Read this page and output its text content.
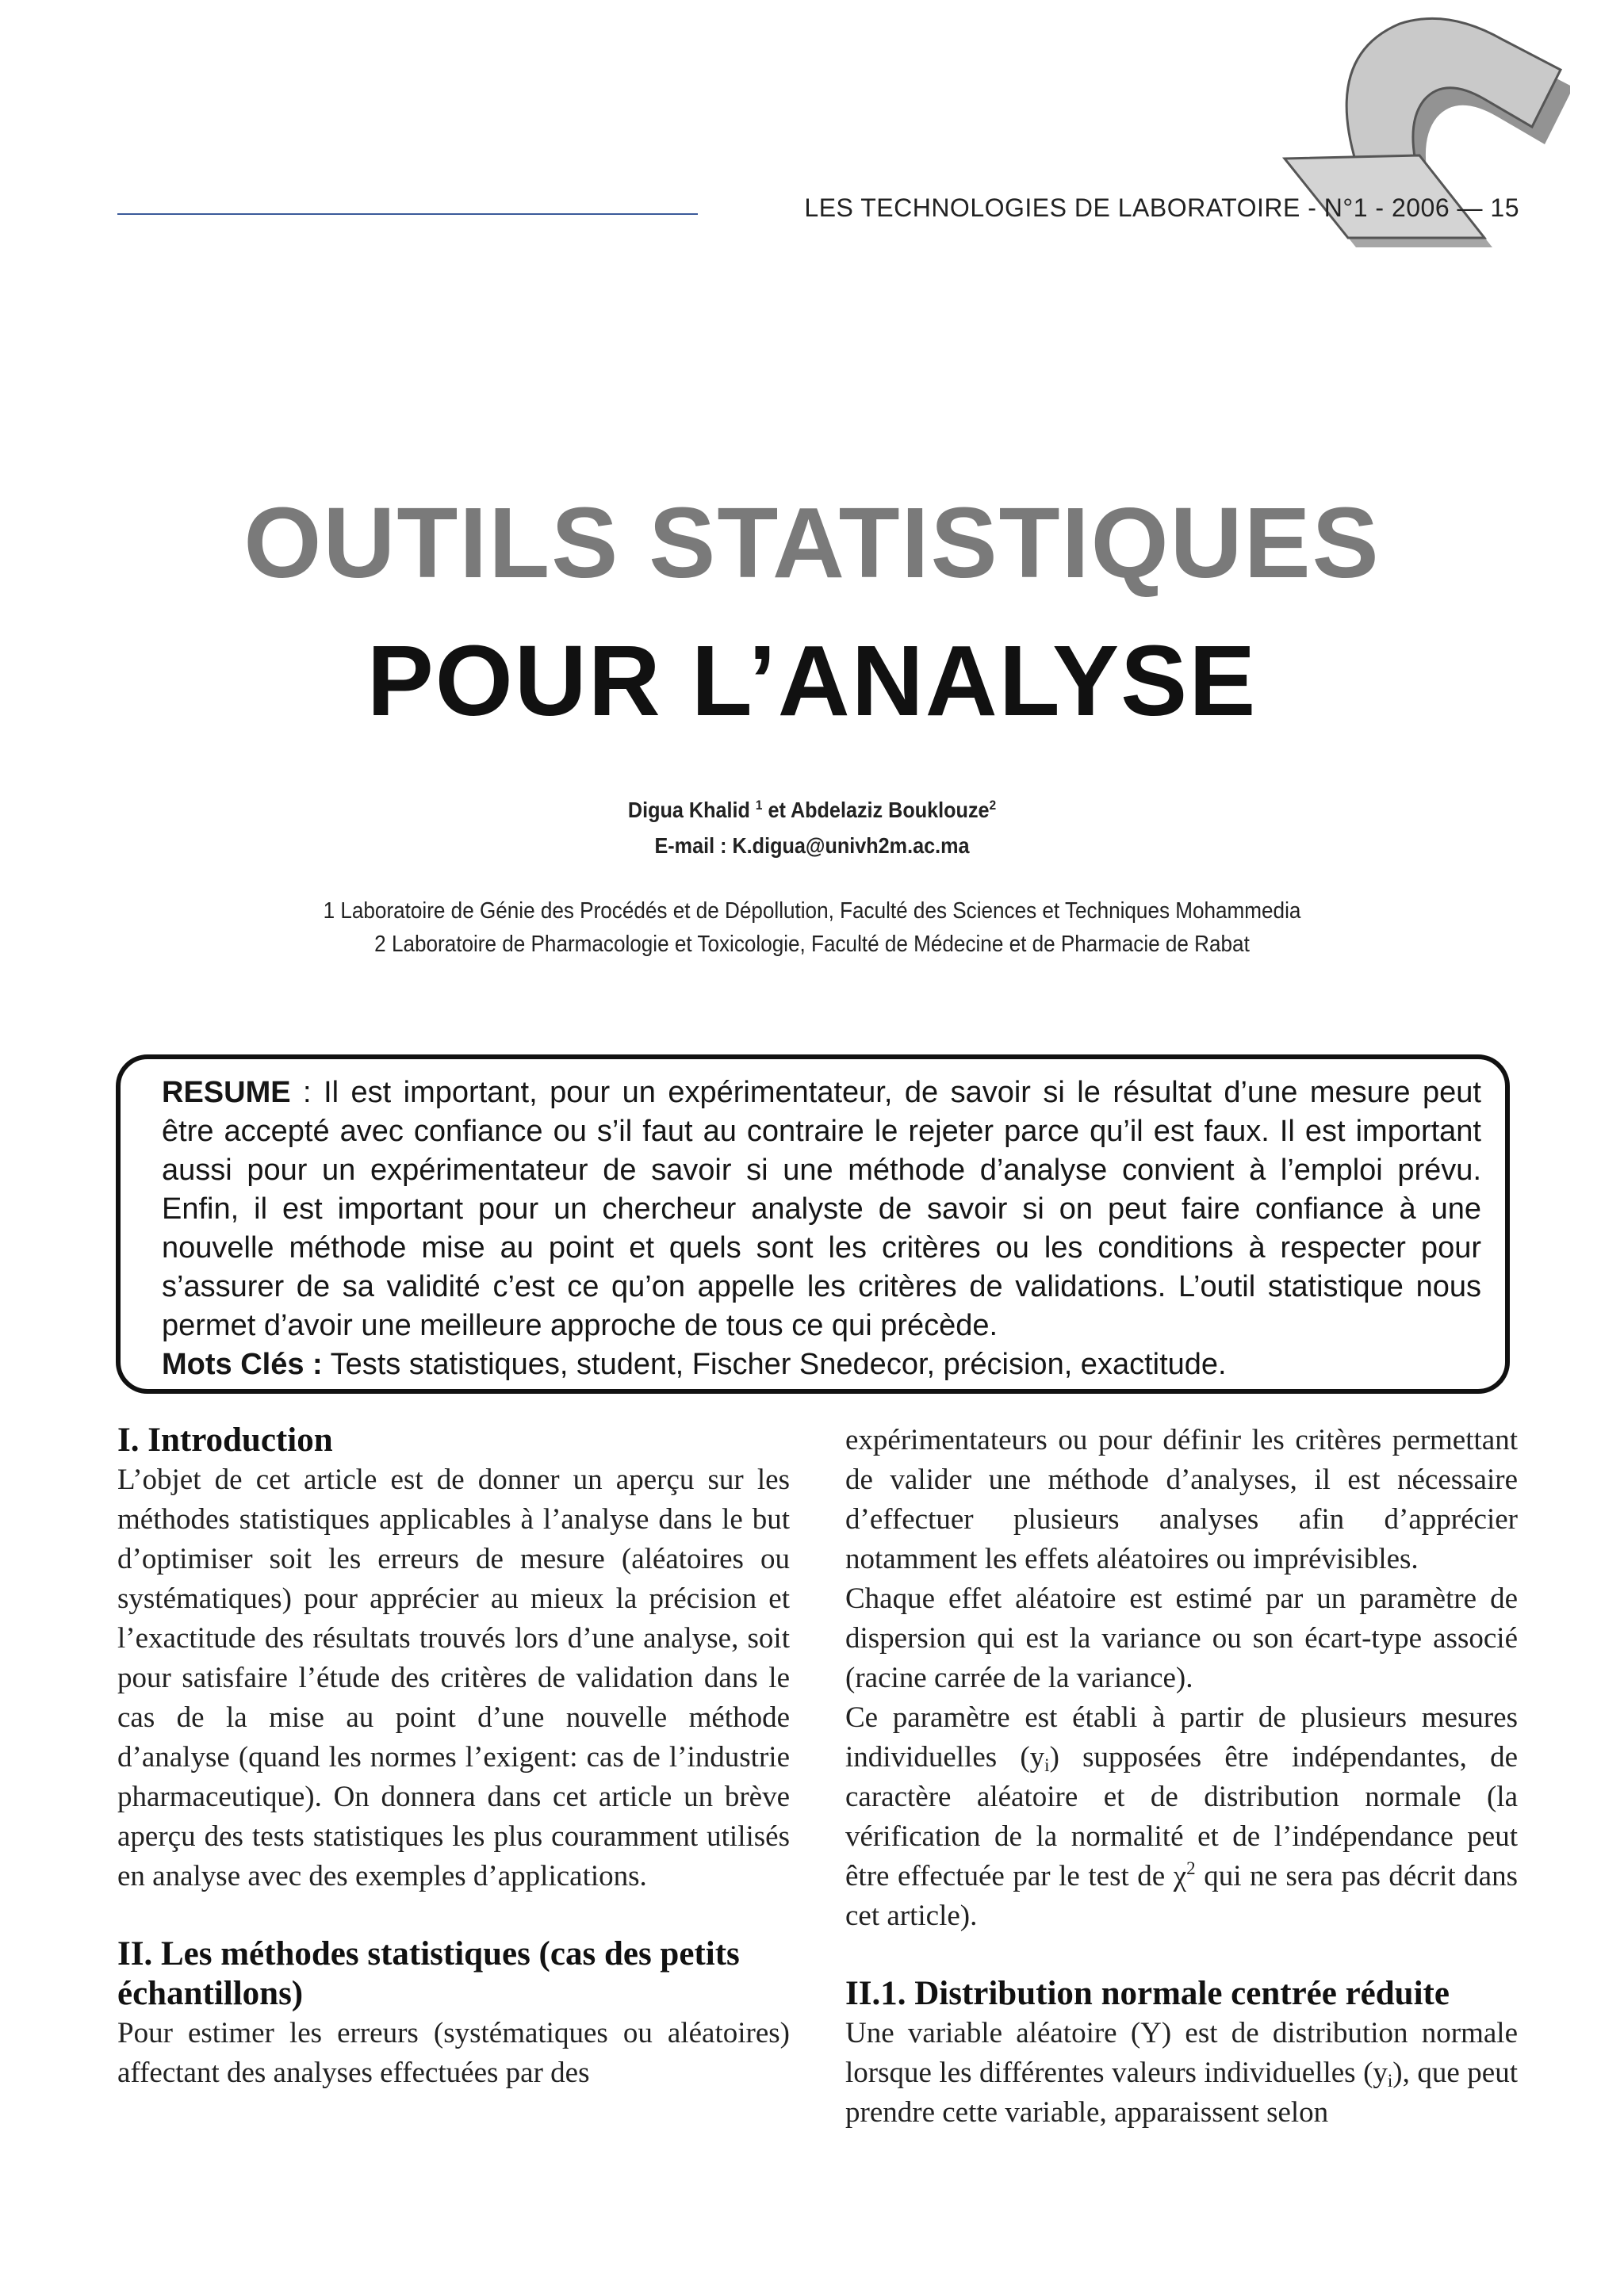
LES TECHNOLOGIES DE LABORATOIRE - N°1 - 2006 — 15
OUTILS STATISTIQUES
POUR L’ANALYSE
Digua Khalid $^1$ et Abdelaziz Bouklouze$^2$
E-mail : K.digua@univh2m.ac.ma
1 Laboratoire de Génie des Procédés et de Dépollution, Faculté des Sciences et Techniques Mohammedia
2 Laboratoire de Pharmacologie et Toxicologie, Faculté de Médecine et de Pharmacie de Rabat
RESUME : Il est important, pour un expérimentateur, de savoir si le résultat d’une mesure peut être accepté avec confiance ou s’il faut au contraire le rejeter parce qu’il est faux. Il est important aussi pour un expérimentateur de savoir si une méthode d’analyse convient à l’emploi prévu. Enfin, il est important pour un chercheur analyste de savoir si on peut faire confiance à une nouvelle méthode mise au point et quels sont les critères ou les conditions à respecter pour s’assurer de sa validité c’est ce qu’on appelle les critères de validations. L’outil statistique nous permet d’avoir une meilleure approche de tous ce qui précède.
Mots Clés : Tests statistiques, student, Fischer Snedecor, précision, exactitude.
I. Introduction

L’objet de cet article est de donner un aperçu sur les méthodes statistiques applicables à l’analyse dans le but d’optimiser soit les erreurs de mesure (aléatoires ou systématiques) pour apprécier au mieux la précision et l’exactitude des résultats trouvés lors d’une analyse, soit pour satisfaire l’étude des critères de validation dans le cas de la mise au point d’une nouvelle méthode d’analyse (quand les normes l’exigent: cas de l’industrie pharmaceutique). On donnera dans cet article un brève aperçu des tests statistiques les plus couramment utilisés en analyse avec des exemples d’applications.

II. Les méthodes statistiques (cas des petits échantillons)

Pour estimer les erreurs (systématiques ou aléatoires) affectant des analyses effectuées par des

expérimentateurs ou pour définir les critères permettant de valider une méthode d’analyses, il est nécessaire d’effectuer plusieurs analyses afin d’apprécier notamment les effets aléatoires ou imprévisibles.

Chaque effet aléatoire est estimé par un paramètre de dispersion qui est la variance ou son écart-type associé (racine carrée de la variance).

Ce paramètre est établi à partir de plusieurs mesures individuelles $(y_i)$ supposées être indépendantes, de caractère aléatoire et de distribution normale (la vérification de la normalité et de l’indépendance peut être effectuée par le test de $\chi^2$ qui ne sera pas décrit dans cet article).

II.1. Distribution normale centrée réduite

Une variable aléatoire (Y) est de distribution normale lorsque les différentes valeurs individuelles $(y_i)$, que peut prendre cette variable, apparaissent selon
